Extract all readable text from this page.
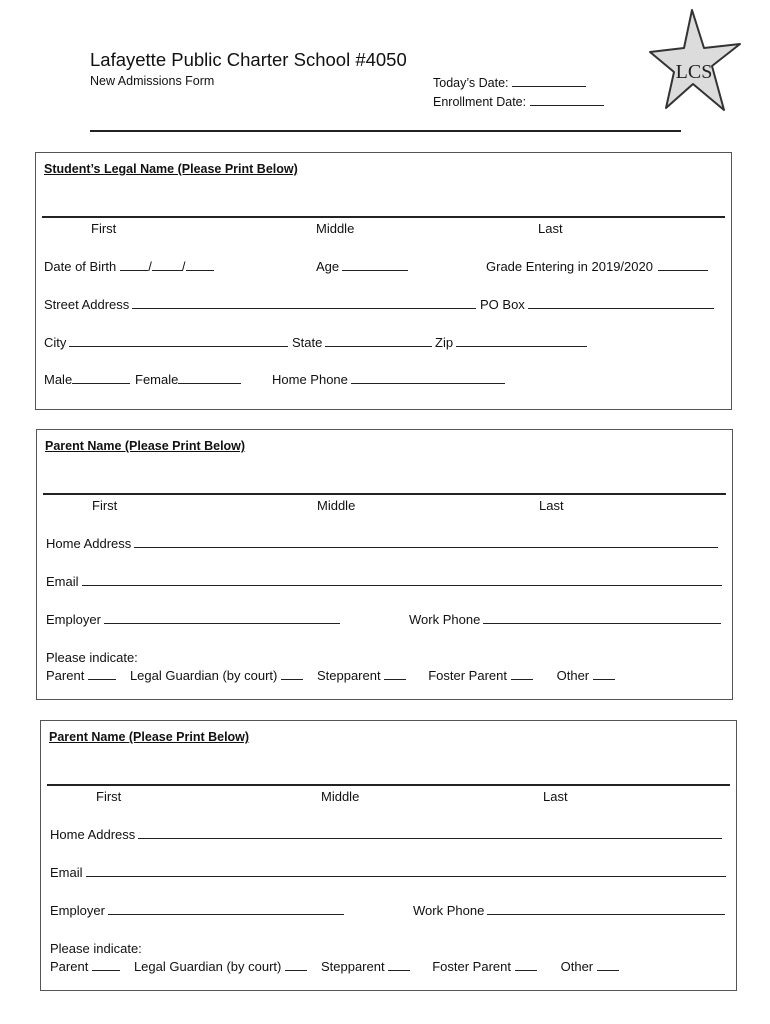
Lafayette Public Charter School #4050
New Admissions Form	Today’s Date:
Enrollment Date:
LCS
Student’s Legal Name (Please Print Below)
First	Middle	Last
Date of Birth / /	Age	Grade Entering in 2019/2020
Street Address	PO Box
City	State	Zip
Male	Female	Home Phone
Parent Name (Please Print Below)
First	Middle	Last
Home Address
Email
Employer	Work Phone
Please indicate:
Parent	Legal Guardian (by court)	Stepparent	Foster Parent	Other
Parent Name (Please Print Below)
First	Middle	Last
Home Address
Email
Employer	Work Phone
Please indicate:
Parent	Legal Guardian (by court)	Stepparent	Foster Parent	Other
